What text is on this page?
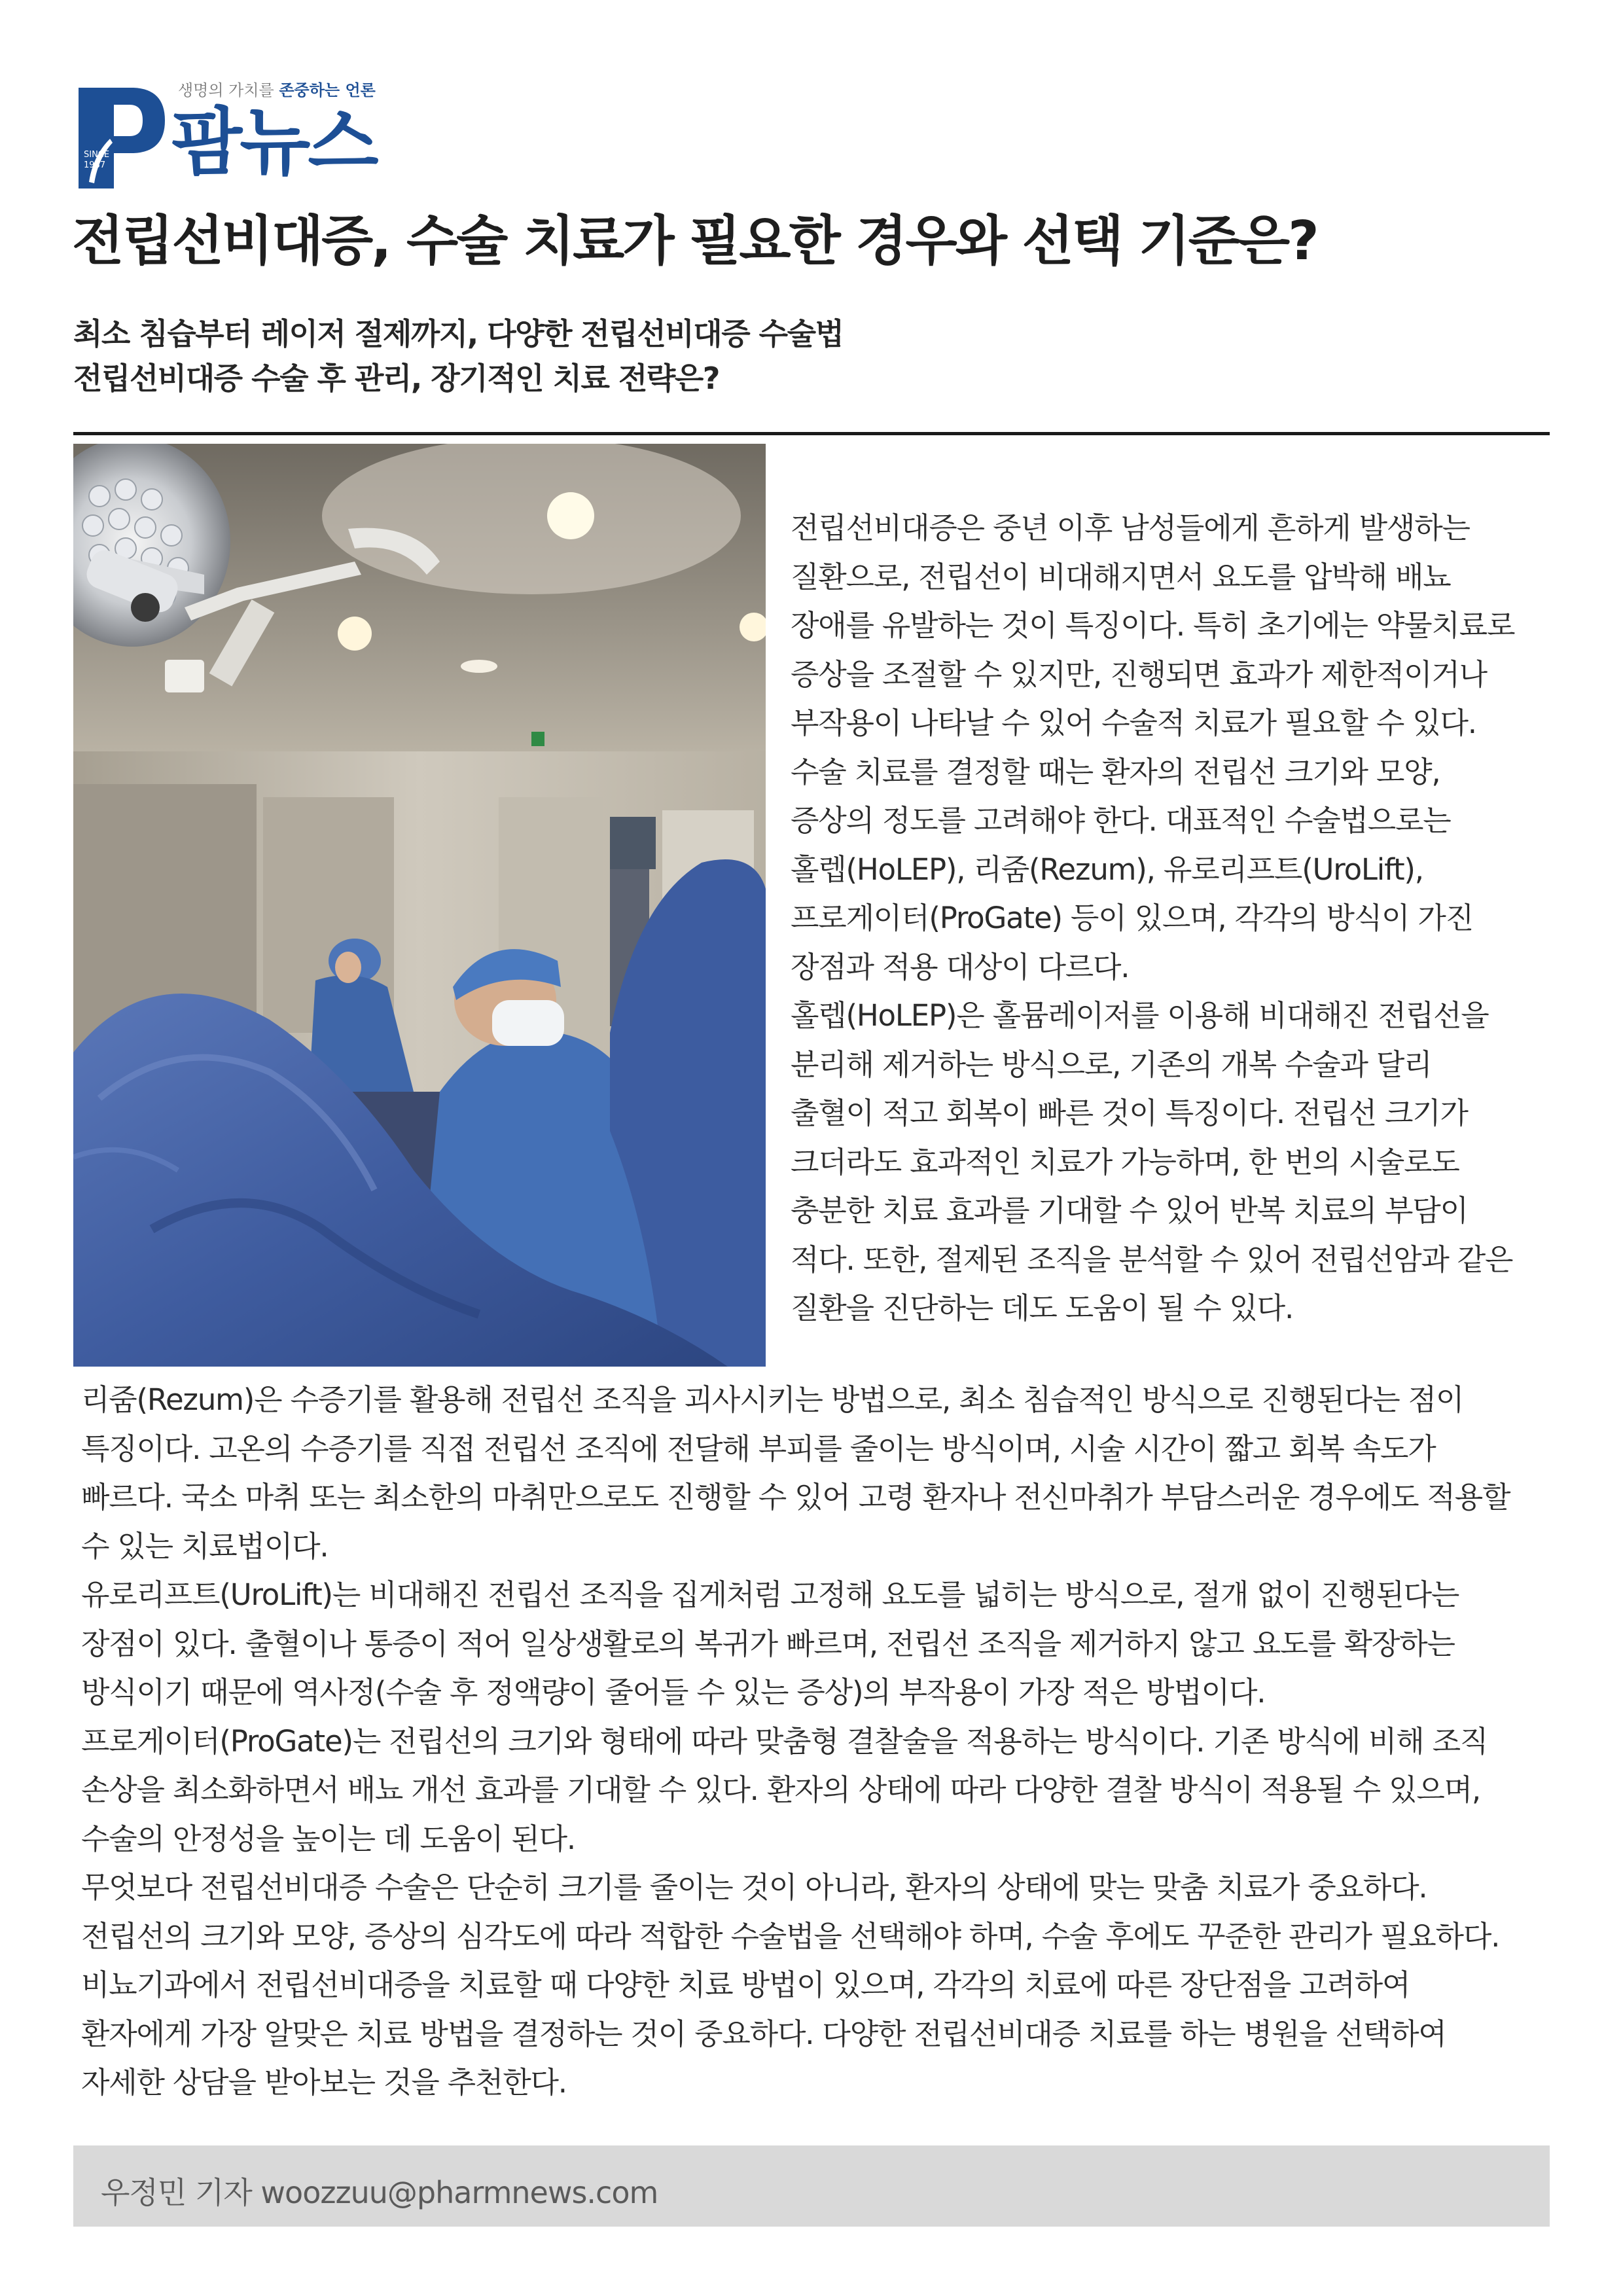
SINCE
1987
생명의 가치를 존중하는 언론
팜뉴스
전립선비대증, 수술 치료가 필요한 경우와 선택 기준은?
최소 침습부터 레이저 절제까지, 다양한 전립선비대증 수술법
전립선비대증 수술 후 관리, 장기적인 치료 전략은?
전립선비대증은 중년 이후 남성들에게 흔하게 발생하는
질환으로, 전립선이 비대해지면서 요도를 압박해 배뇨
장애를 유발하는 것이 특징이다. 특히 초기에는 약물치료로
증상을 조절할 수 있지만, 진행되면 효과가 제한적이거나
부작용이 나타날 수 있어 수술적 치료가 필요할 수 있다.
수술 치료를 결정할 때는 환자의 전립선 크기와 모양,
증상의 정도를 고려해야 한다. 대표적인 수술법으로는
홀렙(HoLEP), 리줌(Rezum), 유로리프트(UroLift),
프로게이터(ProGate) 등이 있으며, 각각의 방식이 가진
장점과 적용 대상이 다르다.
홀렙(HoLEP)은 홀뮴레이저를 이용해 비대해진 전립선을
분리해 제거하는 방식으로, 기존의 개복 수술과 달리
출혈이 적고 회복이 빠른 것이 특징이다. 전립선 크기가
크더라도 효과적인 치료가 가능하며, 한 번의 시술로도
충분한 치료 효과를 기대할 수 있어 반복 치료의 부담이
적다. 또한, 절제된 조직을 분석할 수 있어 전립선암과 같은
질환을 진단하는 데도 도움이 될 수 있다.
리줌(Rezum)은 수증기를 활용해 전립선 조직을 괴사시키는 방법으로, 최소 침습적인 방식으로 진행된다는 점이
특징이다. 고온의 수증기를 직접 전립선 조직에 전달해 부피를 줄이는 방식이며, 시술 시간이 짧고 회복 속도가
빠르다. 국소 마취 또는 최소한의 마취만으로도 진행할 수 있어 고령 환자나 전신마취가 부담스러운 경우에도 적용할
수 있는 치료법이다.
유로리프트(UroLift)는 비대해진 전립선 조직을 집게처럼 고정해 요도를 넓히는 방식으로, 절개 없이 진행된다는
장점이 있다. 출혈이나 통증이 적어 일상생활로의 복귀가 빠르며, 전립선 조직을 제거하지 않고 요도를 확장하는
방식이기 때문에 역사정(수술 후 정액량이 줄어들 수 있는 증상)의 부작용이 가장 적은 방법이다.
프로게이터(ProGate)는 전립선의 크기와 형태에 따라 맞춤형 결찰술을 적용하는 방식이다. 기존 방식에 비해 조직
손상을 최소화하면서 배뇨 개선 효과를 기대할 수 있다. 환자의 상태에 따라 다양한 결찰 방식이 적용될 수 있으며,
수술의 안정성을 높이는 데 도움이 된다.
무엇보다 전립선비대증 수술은 단순히 크기를 줄이는 것이 아니라, 환자의 상태에 맞는 맞춤 치료가 중요하다.
전립선의 크기와 모양, 증상의 심각도에 따라 적합한 수술법을 선택해야 하며, 수술 후에도 꾸준한 관리가 필요하다.
비뇨기과에서 전립선비대증을 치료할 때 다양한 치료 방법이 있으며, 각각의 치료에 따른 장단점을 고려하여
환자에게 가장 알맞은 치료 방법을 결정하는 것이 중요하다. 다양한 전립선비대증 치료를 하는 병원을 선택하여
자세한 상담을 받아보는 것을 추천한다.
우정민 기자 woozzuu@pharmnews.com
